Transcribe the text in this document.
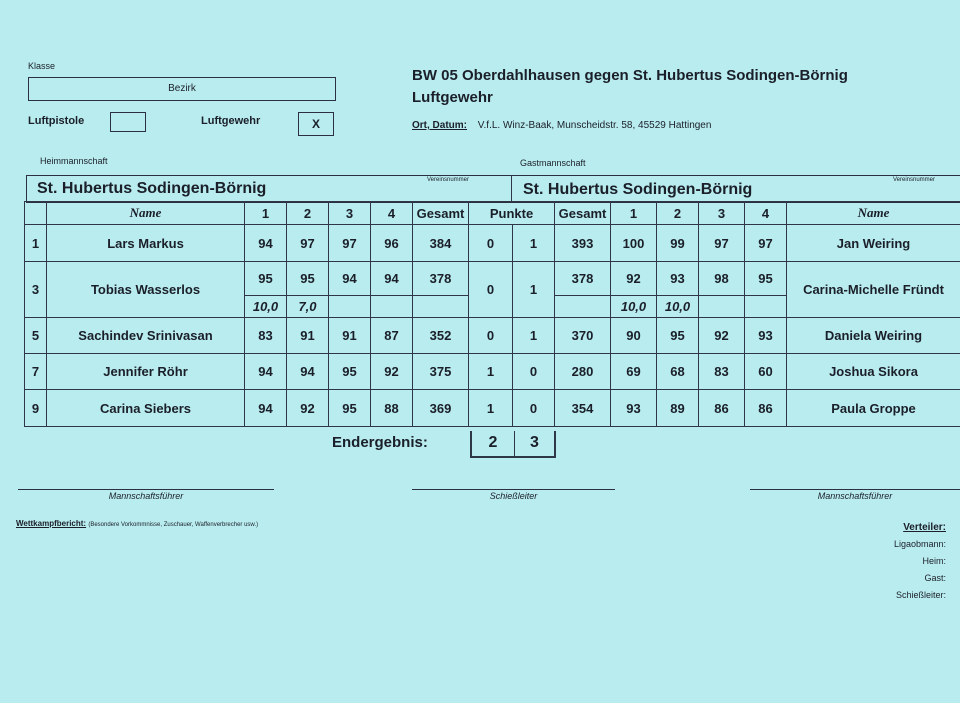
Klasse
Bezirk
Luftpistole	Luftgewehr	X
BW 05 Oberdahlhausen gegen St. Hubertus Sodingen-Börnig
Luftgewehr
Ort, Datum: V.f.L. Winz-Baak, Munscheidstr. 58, 45529 Hattingen
Heimmannschaft	Gastmannschaft
St. Hubertus Sodingen-Börnig	Vereinsnummer
St. Hubertus Sodingen-Börnig
Vereinsnummer
	Name	1	2	3	4	Gesamt	Punkte		Gesamt	1	2	3	4	Name
1	Lars Markus	94	97	97	96	384	0	1	393	100	99	97	97	Jan Weiring
3	Tobias Wasserlos	95	95	94	94	378	0	1	378	92	93	98	95	Carina-Michelle Fründt
		10,0	7,0							10,0	10,0			
5	Sachindev Srinivasan	83	91	91	87	352	0	1	370	90	95	92	93	Daniela Weiring
7	Jennifer Röhr	94	94	95	92	375	1	0	280	69	68	83	60	Joshua Sikora
9	Carina Siebers	94	92	95	88	369	1	0	354	93	89	86	86	Paula Groppe
Endergebnis:	2	3
Mannschaftsführer	Schießleiter	Mannschaftsführer
Wettkampfbericht: (Besondere Vorkommnisse, Zuschauer, Waffenverbrecher usw.)	Verteiler:
Ligaobmann:
Heim:
Gast:
Schießleiter:
